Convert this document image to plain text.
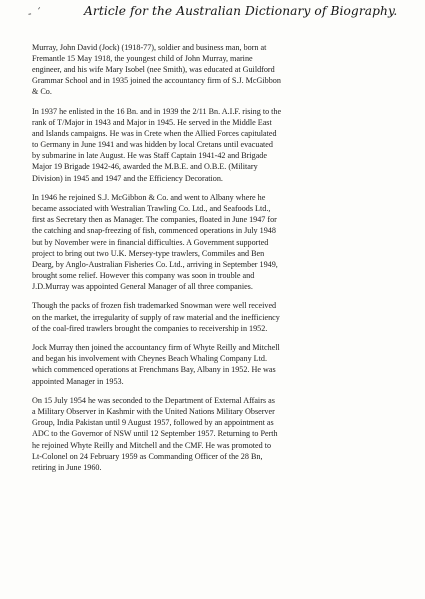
- ´	Article for the Australian Dictionary of Biography.

Murray, John David (Jock) (1918-77), soldier and business man, born at
Fremantle 15 May 1918, the youngest child of John Murray, marine
engineer, and his wife Mary Isobel (nee Smith), was educated at Guildford
Grammar School and in 1935 joined the accountancy firm of S.J. McGibbon
& Co.

In 1937 he enlisted in the 16 Bn. and in 1939 the 2/11 Bn. A.I.F. rising to the
rank of T/Major in 1943 and Major in 1945. He served in the Middle East
and Islands campaigns. He was in Crete when the Allied Forces capitulated
to Germany in June 1941 and was hidden by local Cretans until evacuated
by submarine in late August. He was Staff Captain 1941-42 and Brigade
Major 19 Brigade 1942-46, awarded the M.B.E. and O.B.E. (Military
Division) in 1945 and 1947 and the Efficiency Decoration.

In 1946 he rejoined S.J. McGibbon & Co. and went to Albany where he
became associated with Westralian Trawling Co. Ltd., and Seafoods Ltd.,
first as Secretary then as Manager. The companies, floated in June 1947 for
the catching and snap-freezing of fish, commenced operations in July 1948
but by November were in financial difficulties. A Government supported
project to bring out two U.K. Mersey-type trawlers, Commiles and Ben
Dearg, by Anglo-Australian Fisheries Co. Ltd., arriving in September 1949,
brought some relief. However this company was soon in trouble and
J.D.Murray was appointed General Manager of all three companies.

Though the packs of frozen fish trademarked Snowman were well received
on the market, the irregularity of supply of raw material and the inefficiency
of the coal-fired trawlers brought the companies to receivership in 1952.

Jock Murray then joined the accountancy firm of Whyte Reilly and Mitchell
and began his involvement with Cheynes Beach Whaling Company Ltd.
which commenced operations at Frenchmans Bay, Albany in 1952. He was
appointed Manager in 1953.

On 15 July 1954 he was seconded to the Department of External Affairs as
a Military Observer in Kashmir with the United Nations Military Observer
Group, India Pakistan until 9 August 1957, followed by an appointment as
ADC to the Governor of NSW until 12 September 1957. Returning to Perth
he rejoined Whyte Reilly and Mitchell and the CMF. He was promoted to
Lt-Colonel on 24 February 1959 as Commanding Officer of the 28 Bn,
retiring in June 1960.
